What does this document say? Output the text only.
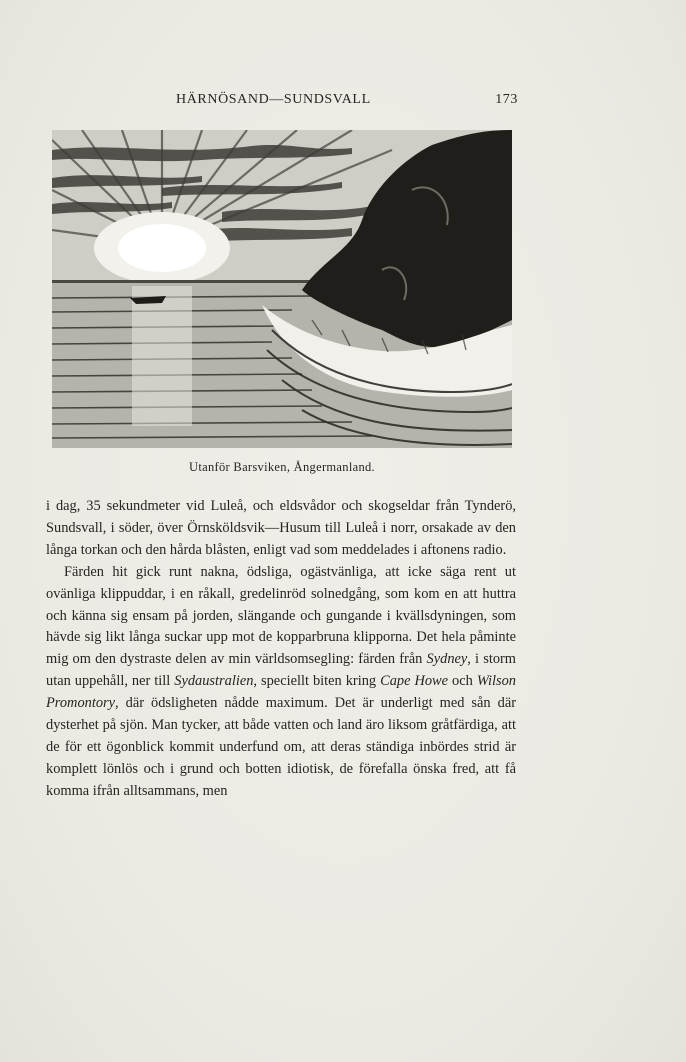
HÄRNÖSAND—SUNDSVALL	173
Utanför Barsviken, Ångermanland.

i dag, 35 sekundmeter vid Luleå, och eldsvådor och skogseldar från Tynderö, Sundsvall, i söder, över Örnsköldsvik—Husum till Luleå i norr, orsakade av den långa torkan och den hårda blåsten, enligt vad som meddelades i aftonens radio.

Färden hit gick runt nakna, ödsliga, ogästvänliga, att icke säga rent ut ovänliga klippuddar, i en råkall, gredelinröd solnedgång, som kom en att huttra och känna sig ensam på jorden, slängande och gungande i kvällsdyningen, som hävde sig likt långa suckar upp mot de kopparbruna klipporna. Det hela påminte mig om den dystraste delen av min världsomsegling: färden från Sydney, i storm utan uppehåll, ner till Sydaustralien, speciellt biten kring Cape Howe och Wilson Promontory, där ödsligheten nådde maximum. Det är underligt med sån där dysterhet på sjön. Man tycker, att både vatten och land äro liksom gråtfärdiga, att de för ett ögonblick kommit underfund om, att deras ständiga inbördes strid är komplett lönlös och i grund och botten idiotisk, de förefalla önska fred, att få komma ifrån alltsammans, men
